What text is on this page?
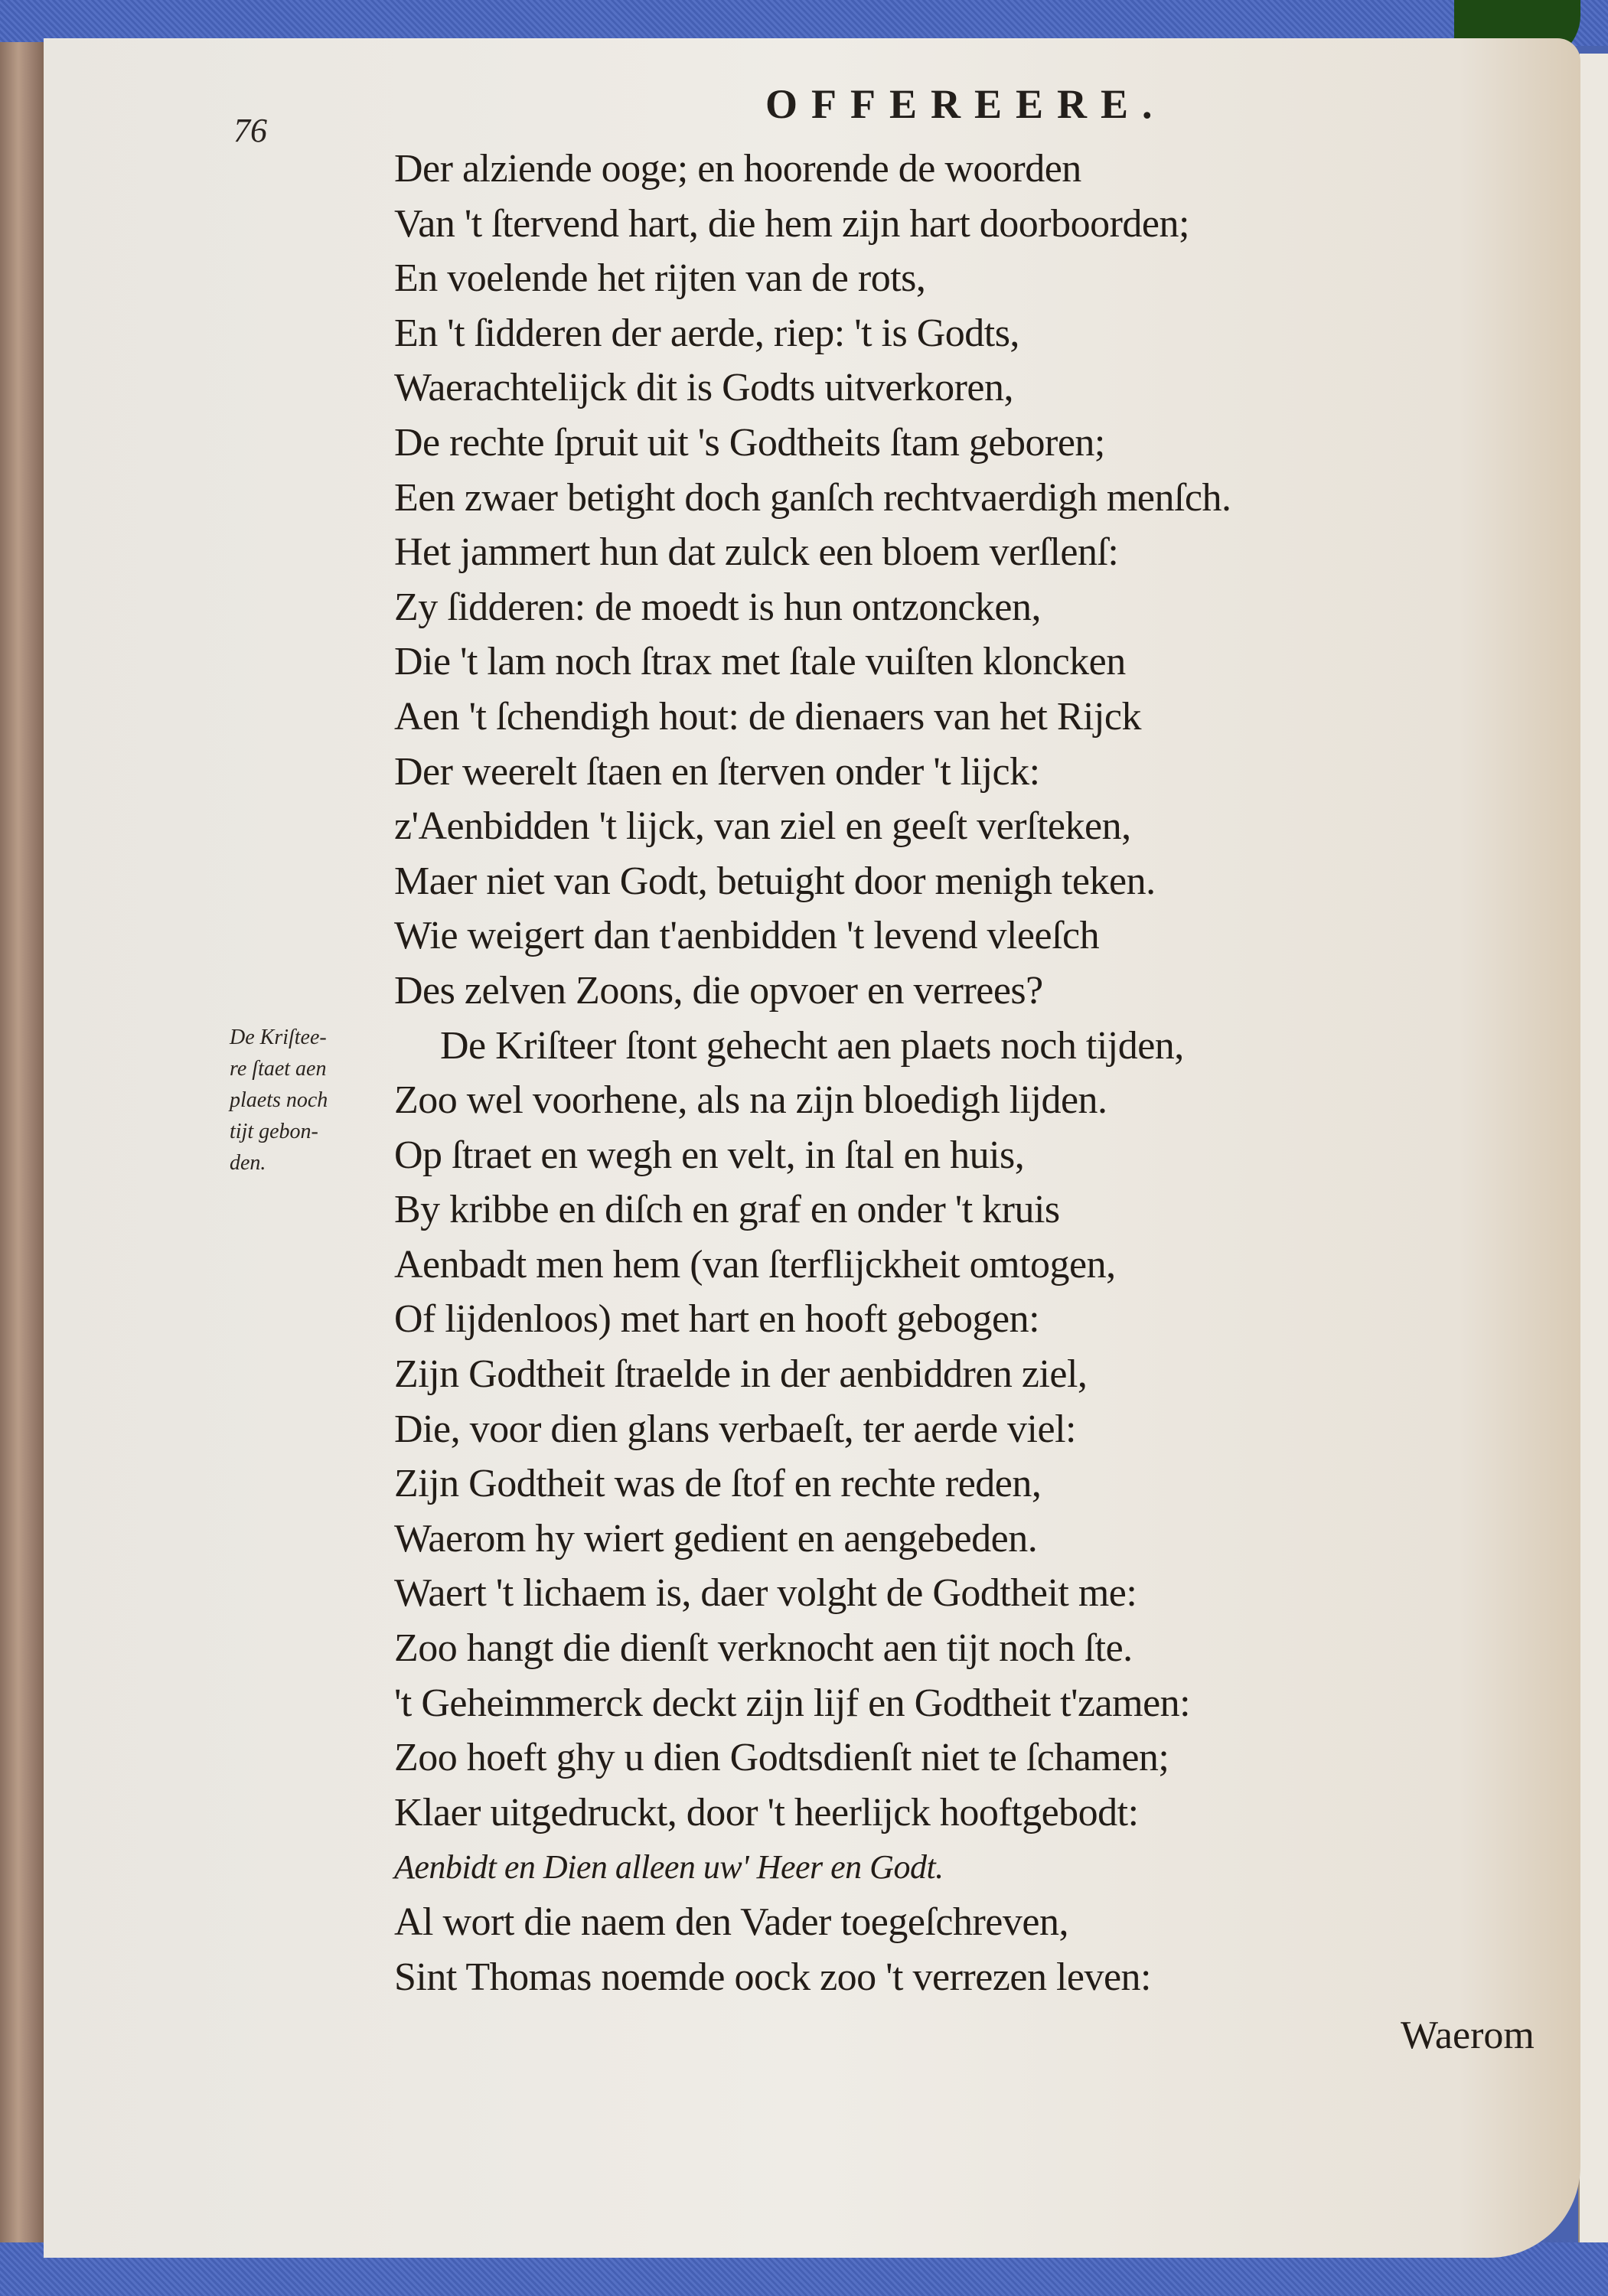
76
OFFEREERE.
De Kriſtee-
re ſtaet aen
plaets noch
tijt gebon-
den.
Der alziende ooge; en hoorende de woorden
Van 't ſtervend hart, die hem zijn hart doorboorden;
En voelende het rijten van de rots,
En 't ſidderen der aerde, riep: 't is Godts,
Waerachtelijck dit is Godts uitverkoren,
De rechte ſpruit uit 's Godtheits ſtam geboren;
Een zwaer betight doch ganſch rechtvaerdigh menſch.
Het jammert hun dat zulck een bloem verſlenſ:
Zy ſidderen: de moedt is hun ontzoncken,
Die 't lam noch ſtrax met ſtale vuiſten kloncken
Aen 't ſchendigh hout: de dienaers van het Rijck
Der weerelt ſtaen en ſterven onder 't lijck:
z'Aenbidden 't lijck, van ziel en geeſt verſteken,
Maer niet van Godt, betuight door menigh teken.
Wie weigert dan t'aenbidden 't levend vleeſch
Des zelven Zoons, die opvoer en verrees?
De Kriſteer ſtont gehecht aen plaets noch tijden,
Zoo wel voorhene, als na zijn bloedigh lijden.
Op ſtraet en wegh en velt, in ſtal en huis,
By kribbe en diſch en graf en onder 't kruis
Aenbadt men hem (van ſterflijckheit omtogen,
Of lijdenloos) met hart en hooft gebogen:
Zijn Godtheit ſtraelde in der aenbiddren ziel,
Die, voor dien glans verbaeſt, ter aerde viel:
Zijn Godtheit was de ſtof en rechte reden,
Waerom hy wiert gedient en aengebeden.
Waert 't lichaem is, daer volght de Godtheit me:
Zoo hangt die dienſt verknocht aen tijt noch ſte.
't Geheimmerck deckt zijn lijf en Godtheit t'zamen:
Zoo hoeft ghy u dien Godtsdienſt niet te ſchamen;
Klaer uitgedruckt, door 't heerlijck hooftgebodt:
Aenbidt en Dien alleen uw' Heer en Godt.
Al wort die naem den Vader toegeſchreven,
Sint Thomas noemde oock zoo 't verrezen leven:
Waerom
